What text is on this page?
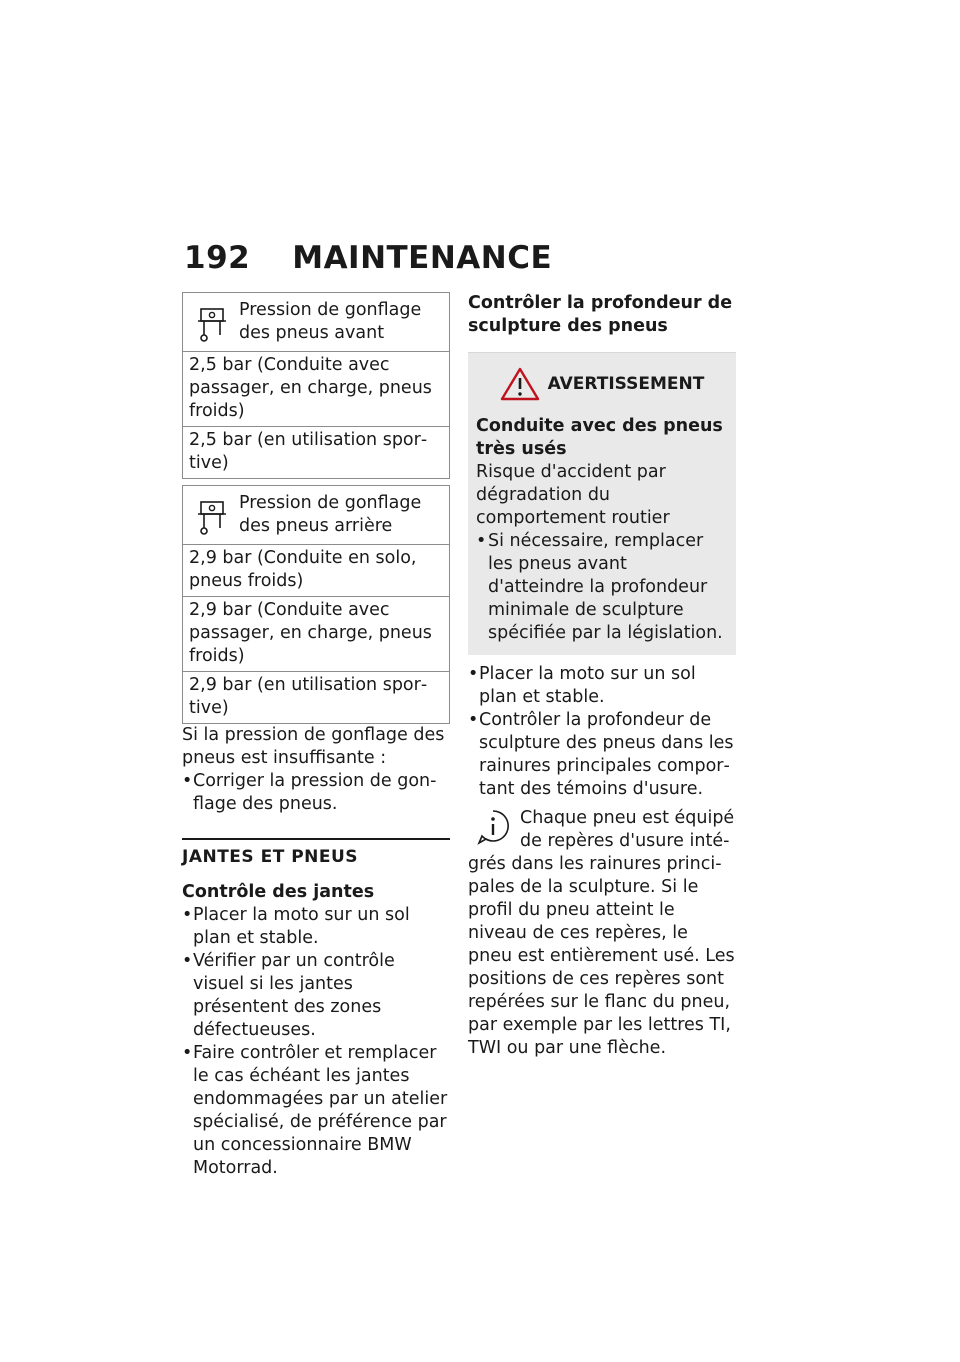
192 MAINTENANCE
Pression de gonflage
des pneus avant
2,5 bar (Conduite avec passager, en charge, pneus froids)
2,5 bar (en utilisation sportive)
Pression de gonflage
des pneus arrière
2,9 bar (Conduite en solo, pneus froids)
2,9 bar (Conduite avec passager, en charge, pneus froids)
2,9 bar (en utilisation sportive)

Si la pression de gonflage des pneus est insuffisante :

• Corriger la pression de gonflage des pneus.
JANTES ET PNEUS
Contrôle des jantes
• Placer la moto sur un sol plan et stable.
• Vérifier par un contrôle visuel si les jantes présentent des zones défectueuses.
• Faire contrôler et remplacer le cas échéant les jantes endommagées par un atelier spécialisé, de préférence par un concessionnaire BMW Motorrad.
Contrôler la profondeur de sculpture des pneus
AVERTISSEMENT
Conduite avec des pneus très usés

Risque d'accident par dégradation du comportement routier

• Si nécessaire, remplacer les pneus avant d'atteindre la profondeur minimale de sculpture spécifiée par la législation.
• Placer la moto sur un sol plan et stable.
• Contrôler la profondeur de sculpture des pneus dans les rainures principales comportant des témoins d'usure.

Chaque pneu est équipé de repères d'usure intégrés dans les rainures principales de la sculpture. Si le profil du pneu atteint le niveau de ces repères, le pneu est entièrement usé. Les positions de ces repères sont repérées sur le flanc du pneu, par exemple par les lettres TI, TWI ou par une flèche.
